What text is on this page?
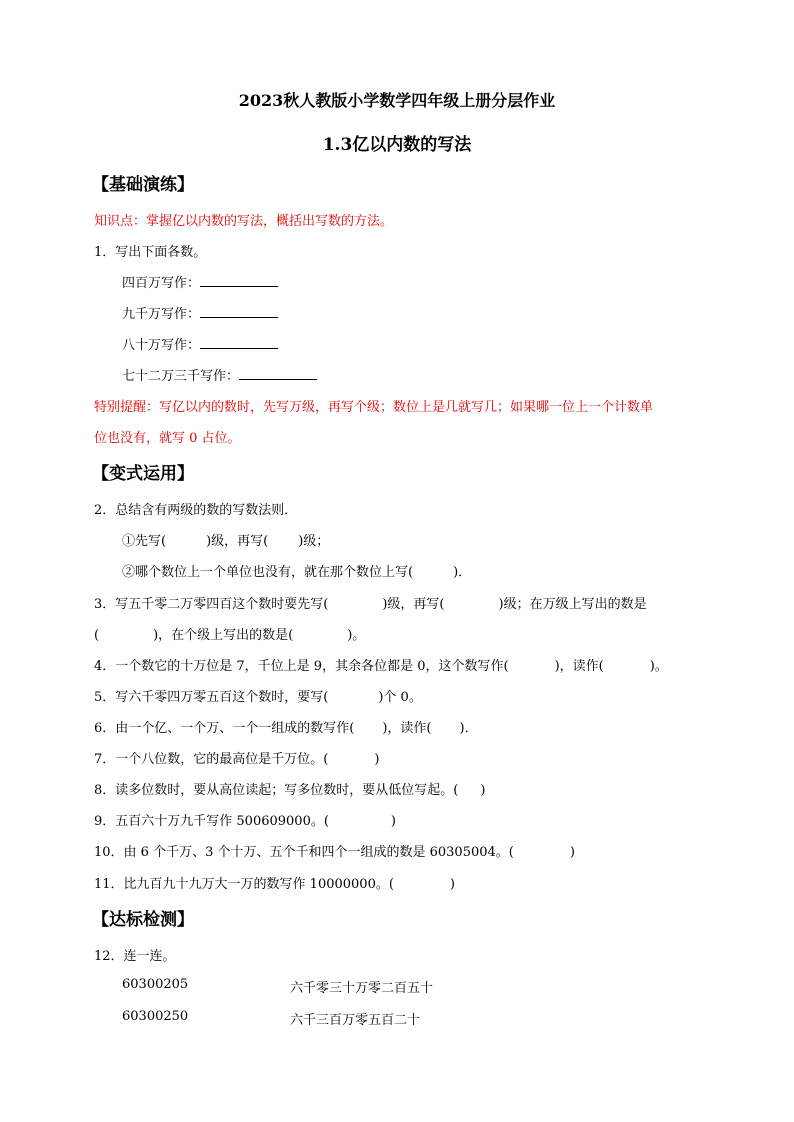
2023秋人教版小学数学四年级上册分层作业
1.3亿以内数的写法
【基础演练】
知识点：掌握亿以内数的写法，概括出写数的方法。
1．写出下面各数。
四百万写作：
九千万写作：
八十万写作：
七十二万三千写作：
特别提醒：写亿以内的数时，先写万级，再写个级；数位上是几就写几；如果哪一位上一个计数单
位也没有，就写 0 占位。
【变式运用】
2．总结含有两级的数的写数法则．
①先写(	)级，再写( )级；
②哪个数位上一个单位也没有，就在那个数位上写(	)．
3．写五千零二万零四百这个数时要先写(	)级，再写(	)级；在万级上写出的数是
(	)，在个级上写出的数是(	)。
4．一个数它的十万位是 7，千位上是 9，其余各位都是 0，这个数写作(	)，读作(	)。
5．写六千零四万零五百这个数时，要写(	)个 0。
6．由一个亿、一个万、一个一组成的数写作( )，读作( )．
7．一个八位数，它的最高位是千万位。(	)
8．读多位数时，要从高位读起；写多位数时，要从低位写起。( )
9．五百六十万九千写作 500609000。(	)
10．由 6 个千万、3 个十万、五个千和四个一组成的数是 60305004。(	)
11．比九百九十九万大一万的数写作 10000000。(	)
【达标检测】
12．连一连。
60300205	六千零三十万零二百五十
60300250	六千三百万零五百二十
